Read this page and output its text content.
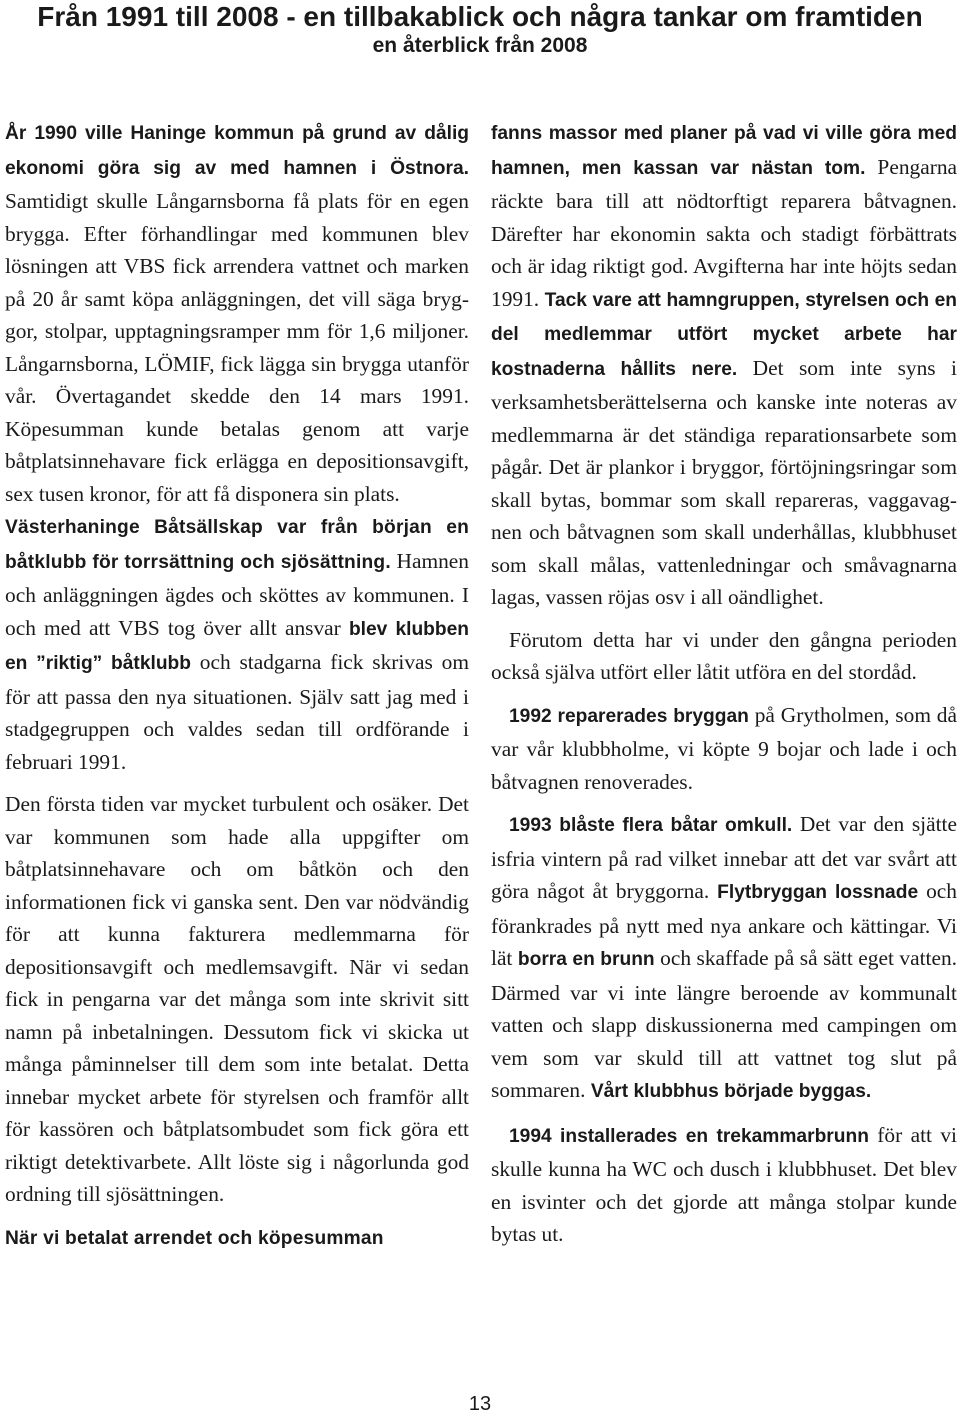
Från 1991 till 2008 - en tillbakablick och några tankar om framtiden
en återblick från 2008

År 1990 ville Haninge kommun på grund av dålig ekonomi göra sig av med hamnen i Östnora. Samtidigt skulle Långarnsborna få plats för en egen brygga. Efter förhandlingar med kommunen blev lösningen att VBS fick arrendera vattnet och marken på 20 år samt köpa anläggningen, det vill säga bryggor, stolpar, upptagningsramper mm för 1,6 miljoner. Långarnsborna, LÖMIF, fick lägga sin brygga utanför vår. Övertagandet skedde den 14 mars 1991. Köpesumman kunde betalas genom att varje båtplatsinnehavare fick erlägga en depositionsavgift, sex tusen kronor, för att få disponera sin plats.

Västerhaninge Båtsällskap var från början en båtklubb för torrsättning och sjösättning. Hamnen och anläggningen ägdes och sköttes av kommunen. I och med att VBS tog över allt ansvar blev klubben en ”riktig” båtklubb och stadgarna fick skrivas om för att passa den nya situationen. Själv satt jag med i stadgegruppen och valdes sedan till ordförande i februari 1991.

Den första tiden var mycket turbulent och osäker. Det var kommunen som hade alla uppgifter om båtplatsinnehavare och om båtkön och den informationen fick vi ganska sent. Den var nödvändig för att kunna fakturera medlemmarna för depositionsavgift och medlemsavgift. När vi sedan fick in pengarna var det många som inte skrivit sitt namn på inbetalningen. Dessutom fick vi skicka ut många påminnelser till dem som inte betalat. Detta innebar mycket arbete för styrelsen och framför allt för kassören och båtplatsombudet som fick göra ett riktigt detektivarbete. Allt löste sig i någorlunda god ordning till sjösättningen.

När vi betalat arrendet och köpesumman

fanns massor med planer på vad vi ville göra med hamnen, men kassan var nästan tom. Pengarna räckte bara till att nödtorftigt reparera båtvagnen. Därefter har ekonomin sakta och stadigt förbättrats och är idag riktigt god. Avgifterna har inte höjts sedan 1991. Tack vare att hamngruppen, styrelsen och en del medlemmar utfört mycket arbete har kostnaderna hållits nere. Det som inte syns i verksamhetsberättelserna och kanske inte noteras av medlemmarna är det ständiga reparationsarbete som pågår. Det är plankor i bryggor, förtöjningsringar som skall bytas, bommar som skall repareras, vaggavagnen och båtvagnen som skall underhållas, klubbhuset som skall målas, vattenledningar och småvagnarna lagas, vassen röjas osv i all oändlighet.

Förutom detta har vi under den gångna perioden också själva utfört eller låtit utföra en del stordåd.

1992 reparerades bryggan på Grytholmen, som då var vår klubbholme, vi köpte 9 bojar och lade i och båtvagnen renoverades.

1993 blåste flera båtar omkull. Det var den sjätte isfria vintern på rad vilket innebar att det var svårt att göra något åt bryggorna. Flytbryggan lossnade och förankrades på nytt med nya ankare och kättingar. Vi lät borra en brunn och skaffade på så sätt eget vatten. Därmed var vi inte längre beroende av kommunalt vatten och slapp diskussionerna med campingen om vem som var skuld till att vattnet tog slut på sommaren. Vårt klubbhus började byggas.

1994 installerades en trekammarbrunn för att vi skulle kunna ha WC och dusch i klubbhuset. Det blev en isvinter och det gjorde att många stolpar kunde bytas ut.

13
